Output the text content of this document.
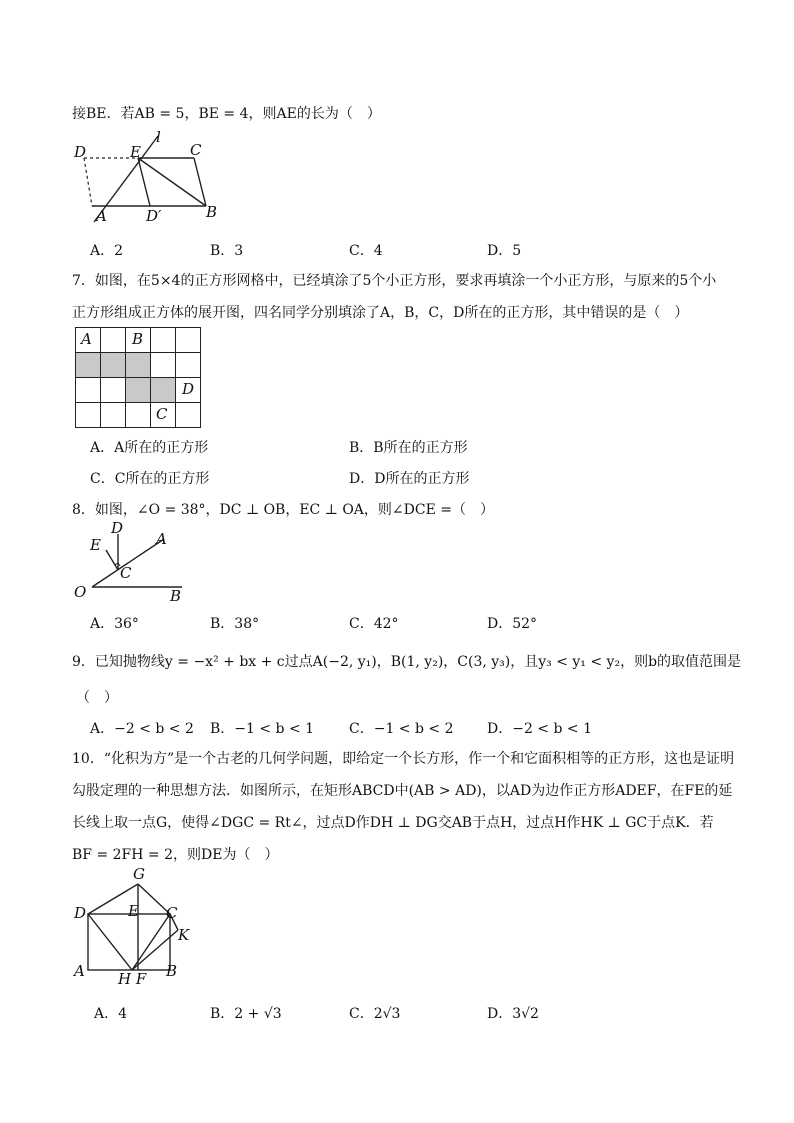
接BE．若AB = 5，BE = 4，则AE的长为（　）
D	E
l
C
A	D′	B
A．2	B．3	C．4	D．5
7．如图，在5×4的正方形网格中，已经填涂了5个小正方形，要求再填涂一个小正方形，与原来的5个小
正方形组成正方体的展开图，四名同学分别填涂了A，B，C，D所在的正方形，其中错误的是（　）
A	B
D
C
A．A所在的正方形	B．B所在的正方形
C．C所在的正方形	D．D所在的正方形
8．如图，∠O = 38°，DC ⊥ OB，EC ⊥ OA，则∠DCE =（　）
D
E	A
C
O	B
A．36°	B．38°	C．42°	D．52°
9．已知抛物线y = −x² + bx + c过点A(−2, y₁)，B(1, y₂)，C(3, y₃)，且y₃ < y₁ < y₂，则b的取值范围是
（　）
A．−2 < b < 2 B．−1 < b < 1 C．−1 < b < 2 D．−2 < b < 1
10．“化积为方”是一个古老的几何学问题，即给定一个长方形，作一个和它面积相等的正方形，这也是证明
勾股定理的一种思想方法．如图所示，在矩形ABCD中(AB > AD)，以AD为边作正方形ADEF，在FE的延
长线上取一点G，使得∠DGC = Rt∠，过点D作DH ⊥ DG交AB于点H，过点H作HK ⊥ GC于点K．若
BF = 2FH = 2，则DE为（　）
G
D	E C
K
A H F B
A．4	B．2 + √3	C．2√3	D．3√2
